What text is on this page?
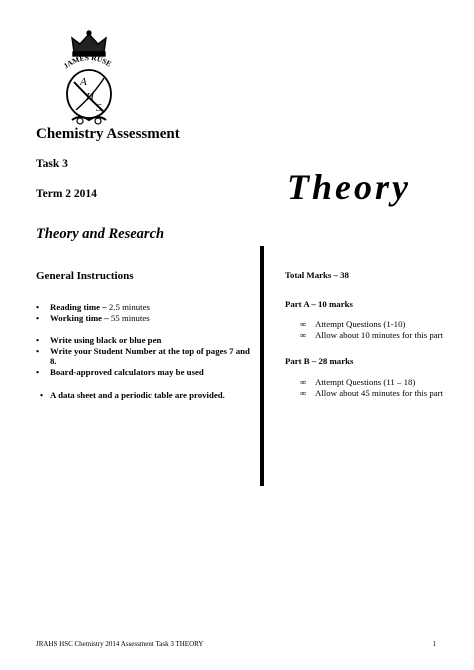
JAMES RUSE
A
H
S
Chemistry Assessment
Task 3
Term 2 2014	Theory
Theory and Research
General Instructions
• Reading time – 2.5 minutes
• Working time – 55 minutes
• Write using black or blue pen
• Write your Student Number at the top of pages 7 and 8.
• Board-approved calculators may be used
• A data sheet and a periodic table are provided.
Total Marks – 38
Part A – 10 marks
∞ Attempt Questions (1-10)
∞ Allow about 10 minutes for this part
Part B – 28 marks
∞ Attempt Questions (11 – 18)
∞ Allow about 45 minutes for this part
JRAHS HSC Chemistry 2014 Assessment Task 3 THEORY	1
